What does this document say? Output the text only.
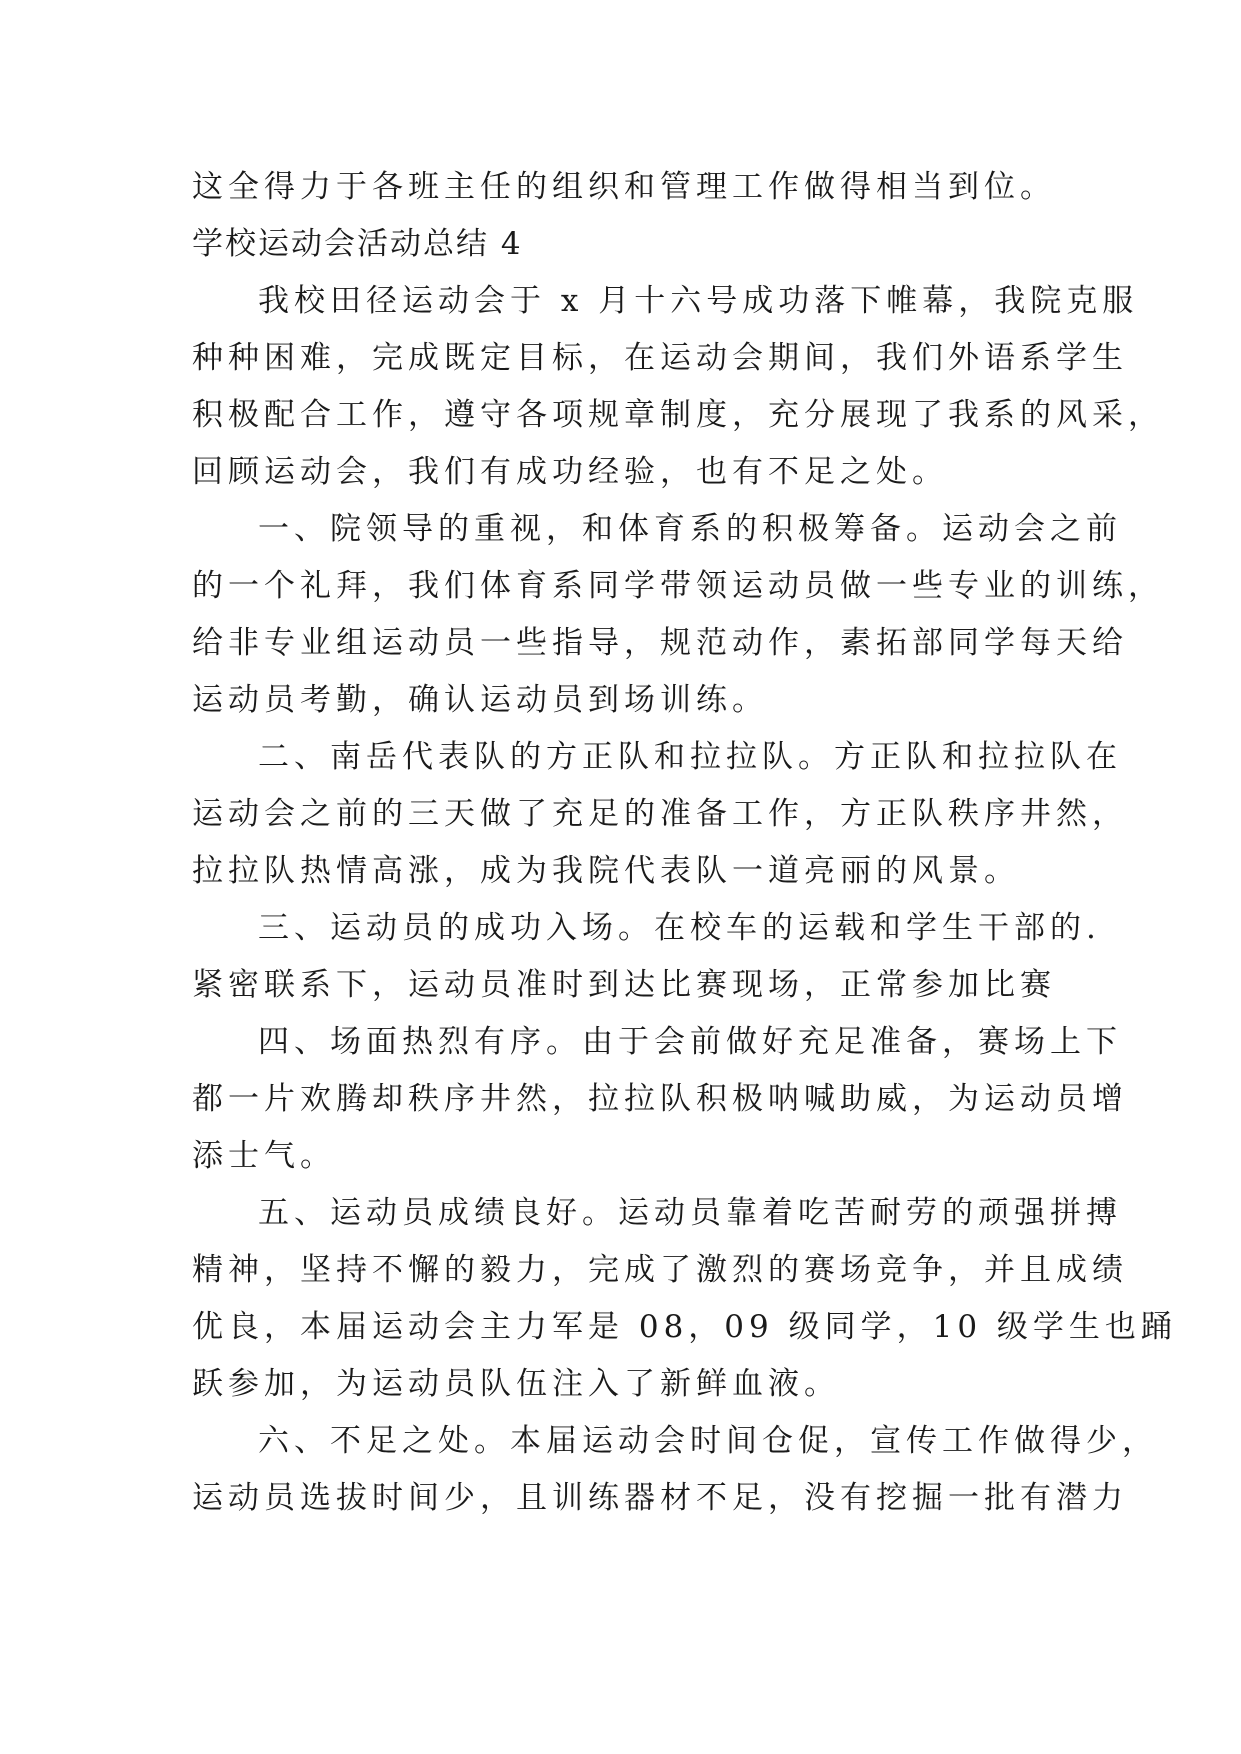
这全得力于各班主任的组织和管理工作做得相当到位。
学校运动会活动总结 4
我校田径运动会于 x 月十六号成功落下帷幕，我院克服
种种困难，完成既定目标，在运动会期间，我们外语系学生
积极配合工作，遵守各项规章制度，充分展现了我系的风采，
回顾运动会，我们有成功经验，也有不足之处。
一、院领导的重视，和体育系的积极筹备。运动会之前
的一个礼拜，我们体育系同学带领运动员做一些专业的训练，
给非专业组运动员一些指导，规范动作，素拓部同学每天给
运动员考勤，确认运动员到场训练。
二、南岳代表队的方正队和拉拉队。方正队和拉拉队在
运动会之前的三天做了充足的准备工作，方正队秩序井然，
拉拉队热情高涨，成为我院代表队一道亮丽的风景。
三、运动员的成功入场。在校车的运载和学生干部的.
紧密联系下，运动员准时到达比赛现场，正常参加比赛
四、场面热烈有序。由于会前做好充足准备，赛场上下
都一片欢腾却秩序井然，拉拉队积极呐喊助威，为运动员增
添士气。
五、运动员成绩良好。运动员靠着吃苦耐劳的顽强拼搏
精神，坚持不懈的毅力，完成了激烈的赛场竞争，并且成绩
优良，本届运动会主力军是 08，09 级同学，10 级学生也踊
跃参加，为运动员队伍注入了新鲜血液。
六、不足之处。本届运动会时间仓促，宣传工作做得少，
运动员选拔时间少，且训练器材不足，没有挖掘一批有潜力
